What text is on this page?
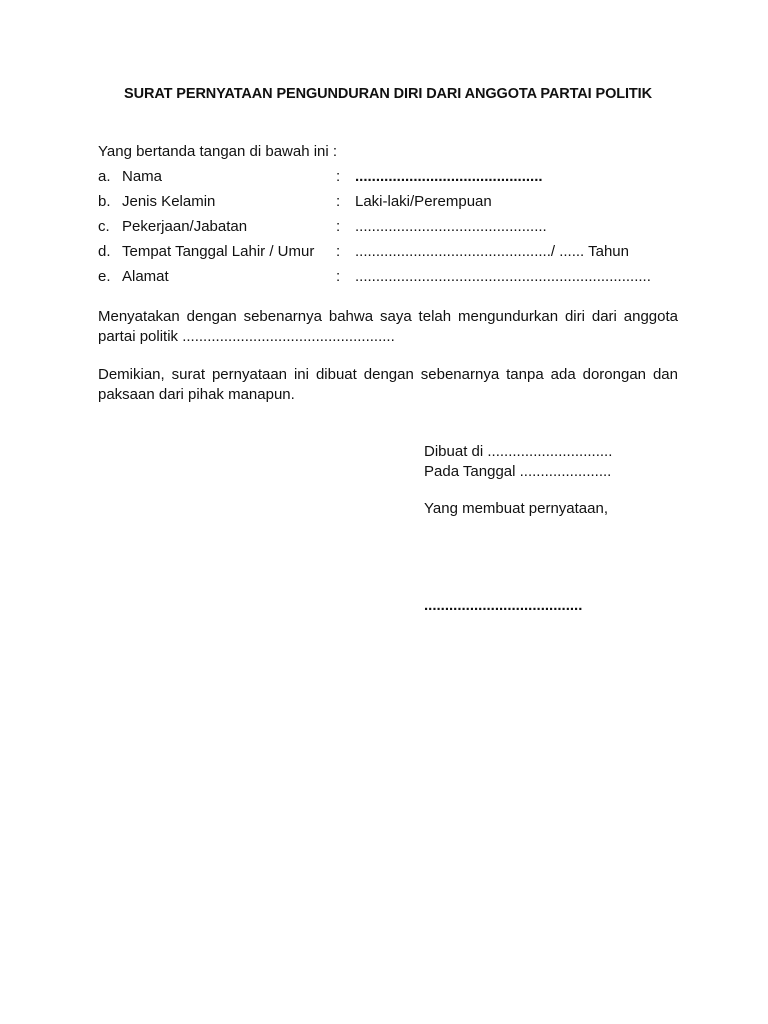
SURAT PERNYATAAN PENGUNDURAN DIRI DARI ANGGOTA PARTAI POLITIK
Yang bertanda tangan di bawah ini :
a. Nama	: .............................................
b. Jenis Kelamin	: Laki-laki/Perempuan
c. Pekerjaan/Jabatan	: ..............................................
d. Tempat Tanggal Lahir / Umur : .............................................../ ...... Tahun
e. Alamat	: .......................................................................
Menyatakan dengan sebenarnya bahwa saya telah mengundurkan diri dari anggota partai politik ...................................................
Demikian, surat pernyataan ini dibuat dengan sebenarnya tanpa ada dorongan dan paksaan dari pihak manapun.
Dibuat di ..............................
Pada Tanggal ......................
Yang membuat pernyataan,
......................................
